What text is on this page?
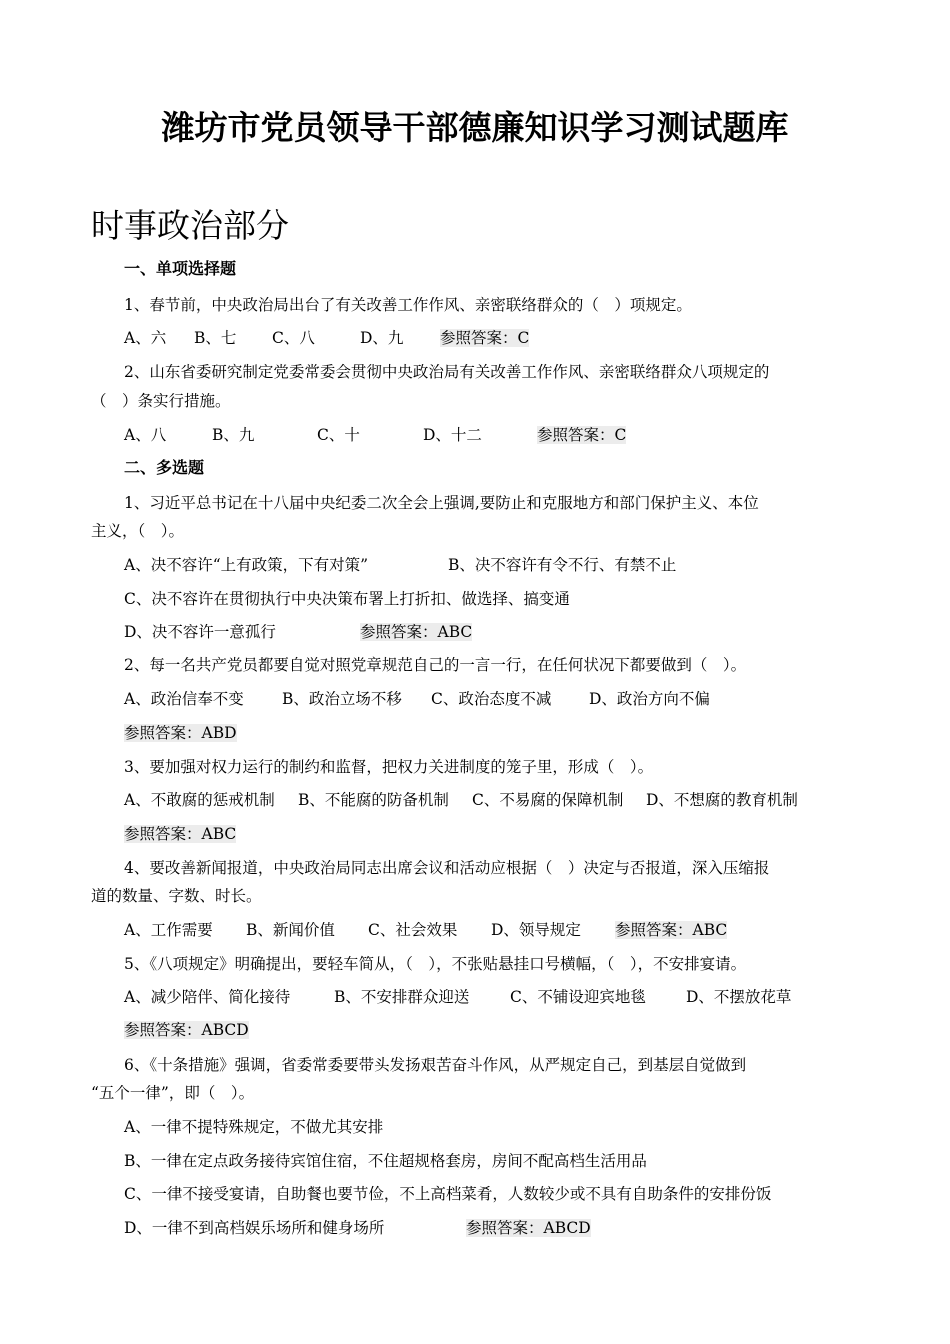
潍坊市党员领导干部德廉知识学习测试题库
时事政治部分
一、单项选择题
1、春节前，中央政治局出台了有关改善工作作风、亲密联络群众的（　）项规定。
A、六 B、七 C、八	D、九 参照答案：C
2、山东省委研究制定党委常委会贯彻中央政治局有关改善工作作风、亲密联络群众八项规定的
（　）条实行措施。
A、八	B、九	C、十	D、十二	参照答案：C
二、多选题
1、习近平总书记在十八届中央纪委二次全会上强调,要防止和克服地方和部门保护主义、本位
主义，（　）。
A、决不容许“上有政策，下有对策”	B、决不容许有令不行、有禁不止
C、决不容许在贯彻执行中央决策布署上打折扣、做选择、搞变通
D、决不容许一意孤行	参照答案：ABC
2、每一名共产党员都要自觉对照党章规范自己的一言一行，在任何状况下都要做到（　）。
A、政治信奉不变 B、政治立场不移 C、政治态度不减 D、政治方向不偏
参照答案：ABD
3、要加强对权力运行的制约和监督，把权力关进制度的笼子里，形成（　）。
A、不敢腐的惩戒机制 B、不能腐的防备机制 C、不易腐的保障机制 D、不想腐的教育机制
参照答案：ABC
4、要改善新闻报道，中央政治局同志出席会议和活动应根据（　）决定与否报道，深入压缩报
道的数量、字数、时长。
A、工作需要 B、新闻价值 C、社会效果 D、领导规定 参照答案：ABC
5、《八项规定》明确提出，要轻车简从，（　），不张贴悬挂口号横幅，（　），不安排宴请。
A、减少陪伴、简化接待	B、不安排群众迎送	C、不铺设迎宾地毯	D、不摆放花草
参照答案：ABCD
6、《十条措施》强调，省委常委要带头发扬艰苦奋斗作风，从严规定自己，到基层自觉做到
“五个一律”，即（　）。
A、一律不提特殊规定，不做尤其安排
B、一律在定点政务接待宾馆住宿，不住超规格套房，房间不配高档生活用品
C、一律不接受宴请，自助餐也要节俭，不上高档菜肴，人数较少或不具有自助条件的安排份饭
D、一律不到高档娱乐场所和健身场所	参照答案：ABCD
